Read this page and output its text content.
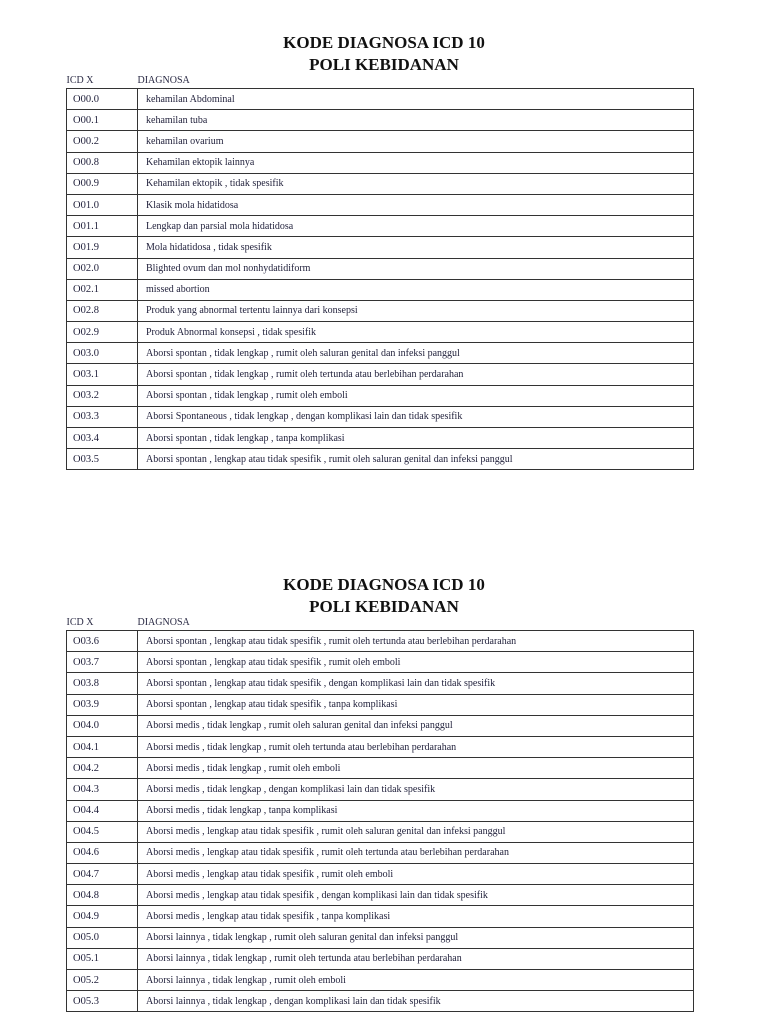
KODE DIAGNOSA ICD 10
POLI KEBIDANAN
ICD X	DIAGNOSA
O00.0	kehamilan Abdominal
O00.1	kehamilan tuba
O00.2	kehamilan ovarium
O00.8	Kehamilan ektopik lainnya
O00.9	Kehamilan ektopik , tidak spesifik
O01.0	Klasik mola hidatidosa
O01.1	Lengkap dan parsial mola hidatidosa
O01.9	Mola hidatidosa , tidak spesifik
O02.0	Blighted ovum dan mol nonhydatidiform
O02.1	missed abortion
O02.8	Produk yang abnormal tertentu lainnya dari konsepsi
O02.9	Produk Abnormal konsepsi , tidak spesifik
O03.0	Aborsi spontan , tidak lengkap , rumit oleh saluran genital dan infeksi panggul
O03.1	Aborsi spontan , tidak lengkap , rumit oleh tertunda atau berlebihan perdarahan
O03.2	Aborsi spontan , tidak lengkap , rumit oleh emboli
O03.3	Aborsi Spontaneous , tidak lengkap , dengan komplikasi lain dan tidak spesifik
O03.4	Aborsi spontan , tidak lengkap , tanpa komplikasi
O03.5	Aborsi spontan , lengkap atau tidak spesifik , rumit oleh saluran genital dan infeksi panggul
KODE DIAGNOSA ICD 10
POLI KEBIDANAN
ICD X	DIAGNOSA
O03.6	Aborsi spontan , lengkap atau tidak spesifik , rumit oleh tertunda atau berlebihan perdarahan
O03.7	Aborsi spontan , lengkap atau tidak spesifik , rumit oleh emboli
O03.8	Aborsi spontan , lengkap atau tidak spesifik , dengan komplikasi lain dan tidak spesifik
O03.9	Aborsi spontan , lengkap atau tidak spesifik , tanpa komplikasi
O04.0	Aborsi medis , tidak lengkap , rumit oleh saluran genital dan infeksi panggul
O04.1	Aborsi medis , tidak lengkap , rumit oleh tertunda atau berlebihan perdarahan
O04.2	Aborsi medis , tidak lengkap , rumit oleh emboli
O04.3	Aborsi medis , tidak lengkap , dengan komplikasi lain dan tidak spesifik
O04.4	Aborsi medis , tidak lengkap , tanpa komplikasi
O04.5	Aborsi medis , lengkap atau tidak spesifik , rumit oleh saluran genital dan infeksi panggul
O04.6	Aborsi medis , lengkap atau tidak spesifik , rumit oleh tertunda atau berlebihan perdarahan
O04.7	Aborsi medis , lengkap atau tidak spesifik , rumit oleh emboli
O04.8	Aborsi medis , lengkap atau tidak spesifik , dengan komplikasi lain dan tidak spesifik
O04.9	Aborsi medis , lengkap atau tidak spesifik , tanpa komplikasi
O05.0	Aborsi lainnya , tidak lengkap , rumit oleh saluran genital dan infeksi panggul
O05.1	Aborsi lainnya , tidak lengkap , rumit oleh tertunda atau berlebihan perdarahan
O05.2	Aborsi lainnya , tidak lengkap , rumit oleh emboli
O05.3	Aborsi lainnya , tidak lengkap , dengan komplikasi lain dan tidak spesifik
